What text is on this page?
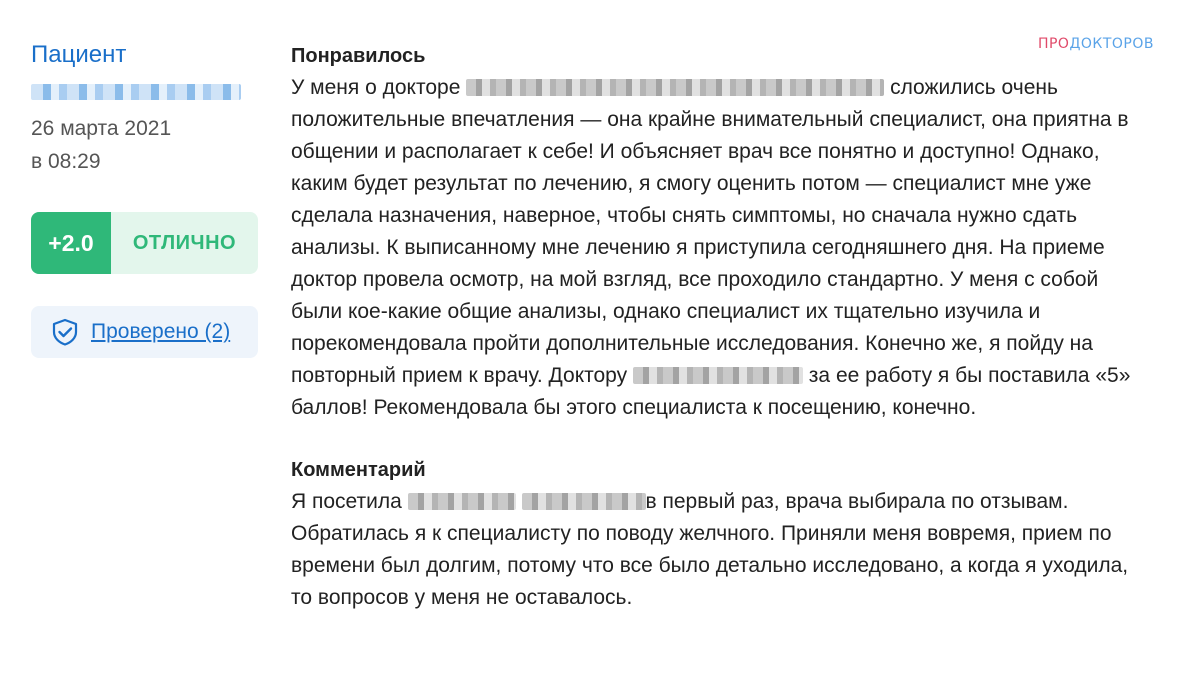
ПРОДОКТОРОВ
Пациент
26 марта 2021
в 08:29
+2.0	ОТЛИЧНО
Проверено (2)
Понравилось

У меня о докторе	сложились очень положительные впечатления — она крайне внимательный специалист, она приятна в общении и располагает к себе! И объясняет врач все понятно и доступно! Однако, каким будет результат по лечению, я смогу оценить потом — специалист мне уже сделала назначения, наверное, чтобы снять симптомы, но сначала нужно сдать анализы. К выписанному мне лечению я приступила сегодняшнего дня. На приеме доктор провела осмотр, на мой взгляд, все проходило стандартно. У меня с собой были кое-какие общие анализы, однако специалист их тщательно изучила и порекомендовала пройти дополнительные исследования. Конечно же, я пойду на повторный прием к врачу. Доктору	за ее работу я бы поставила «5» баллов! Рекомендовала бы этого специалиста к посещению, конечно.

Комментарий

Я посетила	в первый раз, врача выбирала по отзывам. Обратилась я к специалисту по поводу желчного. Приняли меня вовремя, прием по времени был долгим, потому что все было детально исследовано, а когда я уходила, то вопросов у меня не оставалось.
